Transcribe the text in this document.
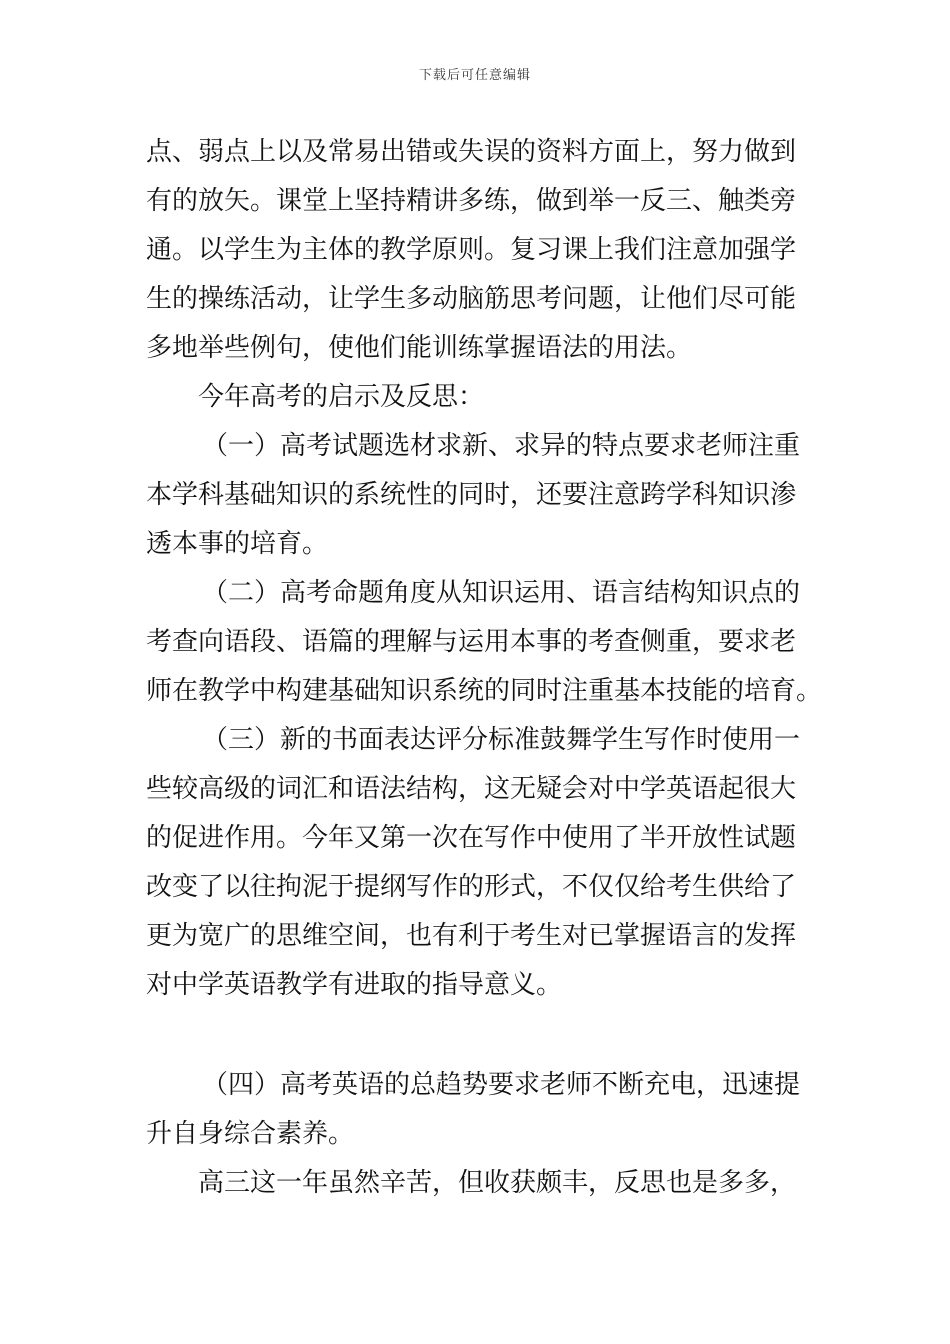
下载后可任意编辑
点、弱点上以及常易出错或失误的资料方面上，努力做到
有的放矢。课堂上坚持精讲多练，做到举一反三、触类旁
通。以学生为主体的教学原则。复习课上我们注意加强学
生的操练活动，让学生多动脑筋思考问题，让他们尽可能
多地举些例句，使他们能训练掌握语法的用法。
今年高考的启示及反思：
（一）高考试题选材求新、求异的特点要求老师注重
本学科基础知识的系统性的同时，还要注意跨学科知识渗
透本事的培育。
（二）高考命题角度从知识运用、语言结构知识点的
考查向语段、语篇的理解与运用本事的考查侧重，要求老
师在教学中构建基础知识系统的同时注重基本技能的培育。
（三）新的书面表达评分标准鼓舞学生写作时使用一
些较高级的词汇和语法结构，这无疑会对中学英语起很大
的促进作用。今年又第一次在写作中使用了半开放性试题
改变了以往拘泥于提纲写作的形式，不仅仅给考生供给了
更为宽广的思维空间，也有利于考生对已掌握语言的发挥
对中学英语教学有进取的指导意义。
（四）高考英语的总趋势要求老师不断充电，迅速提
升自身综合素养。
高三这一年虽然辛苦，但收获颇丰，反思也是多多，
